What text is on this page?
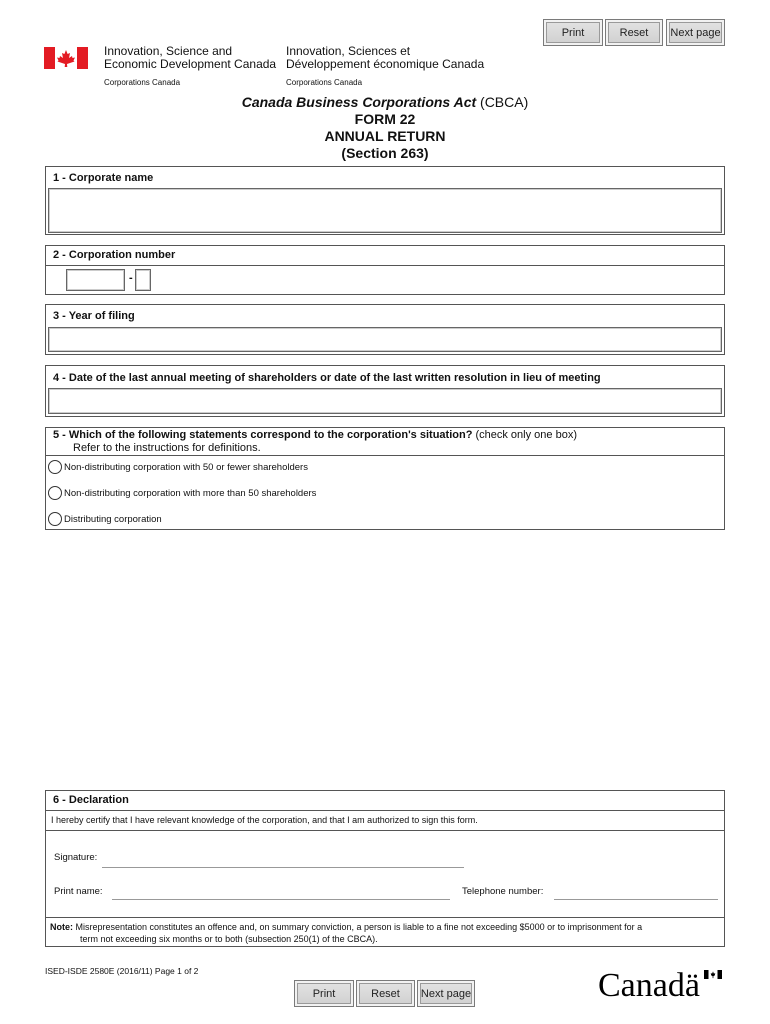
Print	Reset	Next page
Innovation, Science and
Economic Development Canada
Corporations Canada
Innovation, Sciences et
Développement économique Canada
Corporations Canada
Canada Business Corporations Act (CBCA)
FORM 22
ANNUAL RETURN
(Section 263)
1 - Corporate name
2 - Corporation number
-
3 - Year of filing
4 - Date of the last annual meeting of shareholders or date of the last written resolution in lieu of meeting
5 - Which of the following statements correspond to the corporation's situation? (check only one box)
Refer to the instructions for definitions.
Non-distributing corporation with 50 or fewer shareholders
Non-distributing corporation with more than 50 shareholders
Distributing corporation
6 - Declaration
I hereby certify that I have relevant knowledge of the corporation, and that I am authorized to sign this form.
Signature:
Print name:	Telephone number:
Note: Misrepresentation constitutes an offence and, on summary conviction, a person is liable to a fine not exceeding $5000 or to imprisonment for a
term not exceeding six months or to both (subsection 250(1) of the CBCA).
ISED-ISDE 2580E (2016/11) Page 1 of 2
Print	Reset	Next page	Canadä
